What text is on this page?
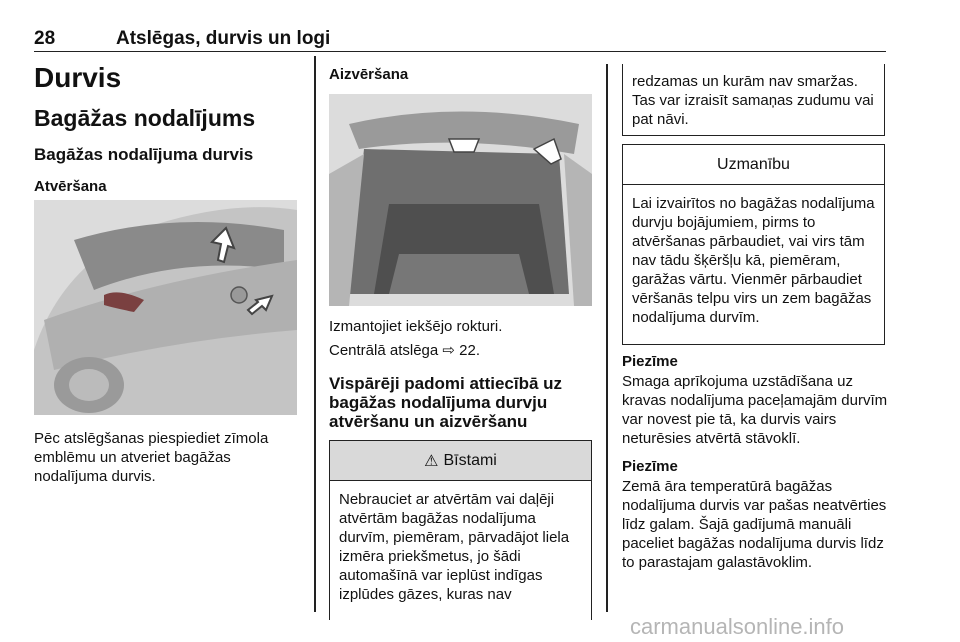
28	Atslēgas, durvis un logi
Durvis
Bagāžas nodalījums
Bagāžas nodalījuma durvis
Atvēršana

Pēc atslēgšanas piespiediet zīmola emblēmu un atveriet bagāžas nodalījuma durvis.

Aizvēršana

Izmantojiet iekšējo rokturi.

Centrālā atslēga ⇨ 22.

Vispārēji padomi attiecībā uz bagāžas nodalījuma durvju atvēršanu un aizvēršanu
⚠ Bīstami
Nebrauciet ar atvērtām vai daļēji atvērtām bagāžas nodalījuma durvīm, piemēram, pārvadājot liela izmēra priekšmetus, jo šādi automašīnā var ieplūst indīgas izplūdes gāzes, kuras nav
redzamas un kurām nav smaržas. Tas var izraisīt samaņas zudumu vai pat nāvi.
Uzmanību
Lai izvairītos no bagāžas nodalījuma durvju bojājumiem, pirms to atvēršanas pārbaudiet, vai virs tām nav tādu šķēršļu kā, piemēram, garāžas vārtu. Vienmēr pārbaudiet vēršanās telpu virs un zem bagāžas nodalījuma durvīm.
Piezīme
Smaga aprīkojuma uzstādīšana uz kravas nodalījuma paceļamajām durvīm var novest pie tā, ka durvis vairs neturēsies atvērtā stāvoklī.
Piezīme
Zemā āra temperatūrā bagāžas nodalījuma durvis var pašas neatvērties līdz galam. Šajā gadījumā manuāli paceliet bagāžas nodalījuma durvis līdz to parastajam galastāvoklim.
carmanualsonline.info
